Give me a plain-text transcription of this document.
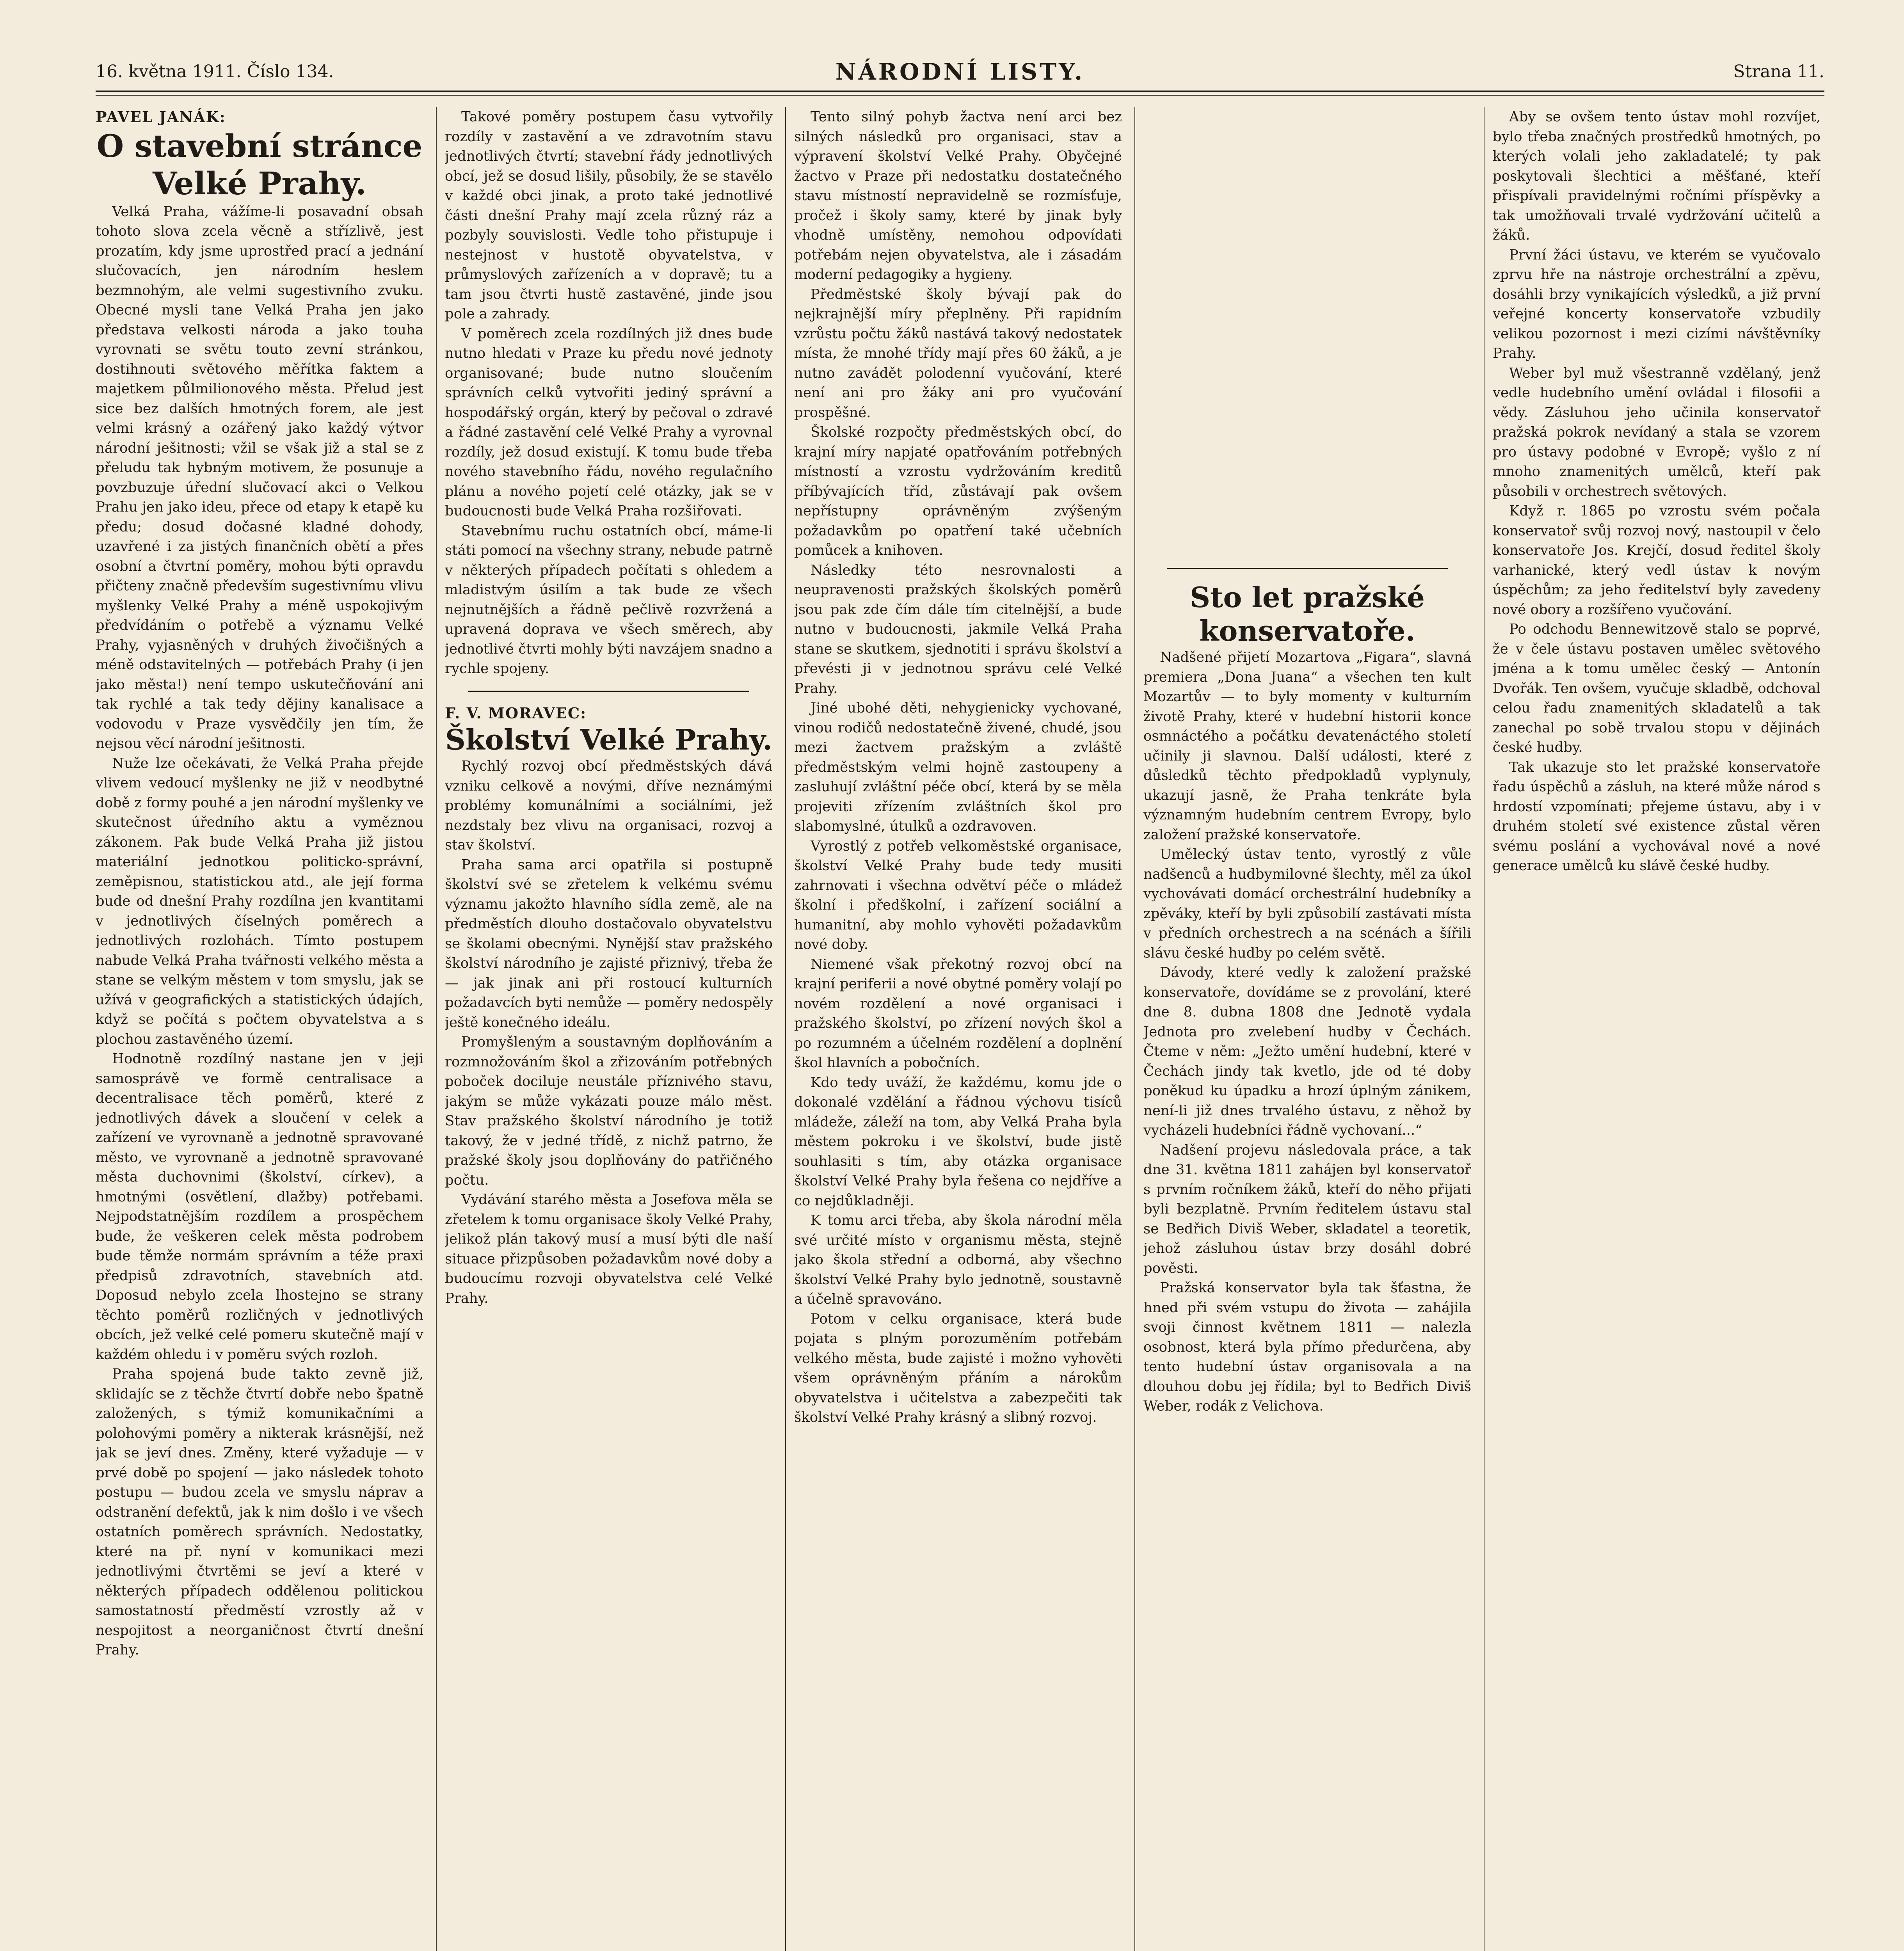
16. května 1911. Číslo 134.	NÁRODNÍ LISTY.	Strana 11.

PAVEL JANÁK:

O stavební stránce Velké Prahy.

Velká Praha, vážíme-li posavadní obsah tohoto slova zcela věcně a střízlivě, jest prozatím, kdy jsme uprostřed prací a jednání slučovacích, jen národním heslem bezmnohým, ale velmi sugestivního zvuku. Obecné mysli tane Velká Praha jen jako představa velkosti národa a jako touha vyrovnati se světu touto zevní stránkou, dostihnouti světového měřítka faktem a majetkem půlmilionového města. Přelud jest sice bez dalších hmotných forem, ale jest velmi krásný a ozářený jako každý výtvor národní ješitnosti; vžil se však již a stal se z přeludu tak hybným motivem, že posunuje a povzbuzuje úřední slučovací akci o Velkou Prahu jen jako ideu, přece od etapy k etapě ku předu; dosud dočasné kladné dohody, uzavřené i za jistých finančních obětí a přes osobní a čtvrtní poměry, mohou býti opravdu přičteny značně především sugestivnímu vlivu myšlenky Velké Prahy a méně uspokojivým předvídáním o potřebě a významu Velké Prahy, vyjasněných v druhých živočišných a méně odstavitelných — potřebách Prahy (i jen jako města!) není tempo uskutečňování ani tak rychlé a tak tedy dějiny kanalisace a vodovodu v Praze vysvědčily jen tím, že nejsou věcí národní ješitnosti.

Nuže lze očekávati, že Velká Praha přejde vlivem vedoucí myšlenky ne již v neodbytné době z formy pouhé a jen národní myšlenky ve skutečnost úředního aktu a vyměznou zákonem. Pak bude Velká Praha již jistou materiální jednotkou politicko-správní, zeměpisnou, statistickou atd., ale její forma bude od dnešní Prahy rozdílna jen kvantitami v jednotlivých číselných poměrech a jednotlivých rozlohách. Tímto postupem nabude Velká Praha tvářnosti velkého města a stane se velkým městem v tom smyslu, jak se užívá v geografických a statistických údajích, když se počítá s počtem obyvatelstva a s plochou zastavěného území.

Hodnotně rozdílný nastane jen v jeji samosprávě ve formě centralisace a decentralisace těch poměrů, které z jednotlivých dávek a sloučení v celek a zařízení ve vyrovnaně a jednotně spravované město, ve vyrovnaně a jednotně spravované města duchovnimi (školství, církev), a hmotnými (osvětlení, dlažby) potřebami. Nejpodstatnějším rozdílem a prospěchem bude, že veškeren celek města podrobem bude těmže normám správním a téže praxi předpisů zdravotních, stavebních atd. Doposud nebylo zcela lhostejno se strany těchto poměrů rozličných v jednotlivých obcích, jež velké celé pomeru skutečně mají v každém ohledu i v poměru svých rozloh.

Praha spojená bude takto zevně již, sklidajíc se z těchže čtvrtí dobře nebo špatně založených, s týmiž komunikačními a polohovými poměry a nikterak krásnější, než jak se jeví dnes. Změny, které vyžaduje — v prvé době po spojení — jako následek tohoto postupu — budou zcela ve smyslu náprav a odstranění defektů, jak k nim došlo i ve všech ostatních poměrech správních. Nedostatky, které na př. nyní v komunikaci mezi jednotlivými čtvrtěmi se jeví a které v některých případech oddělenou politickou samostatností předměstí vzrostly až v nespojitost a neorganičnost čtvrtí dnešní Prahy.

Takové poměry postupem času vytvořily rozdíly v zastavění a ve zdravotním stavu jednotlivých čtvrtí; stavební řády jednotlivých obcí, jež se dosud lišily, působily, že se stavělo v každé obci jinak, a proto také jednotlivé části dnešní Prahy mají zcela různý ráz a pozbyly souvislosti. Vedle toho přistupuje i nestejnost v hustotě obyvatelstva, v průmyslových zařízeních a v dopravě; tu a tam jsou čtvrti hustě zastavěné, jinde jsou pole a zahrady.

V poměrech zcela rozdílných již dnes bude nutno hledati v Praze ku předu nové jednoty organisované; bude nutno sloučením správních celků vytvořiti jediný správní a hospodářský orgán, který by pečoval o zdravé a řádné zastavění celé Velké Prahy a vyrovnal rozdíly, jež dosud existují. K tomu bude třeba nového stavebního řádu, nového regulačního plánu a nového pojetí celé otázky, jak se v budoucnosti bude Velká Praha rozšiřovati.

Stavebnímu ruchu ostatních obcí, máme-li státi pomocí na všechny strany, nebude patrně v některých případech počítati s ohledem a mladistvým úsilím a tak bude ze všech nejnutnějších a řádně pečlivě rozvržená a upravená doprava ve všech směrech, aby jednotlivé čtvrti mohly býti navzájem snadno a rychle spojeny.

F. V. MORAVEC:

Školství Velké Prahy.

Rychlý rozvoj obcí předměstských dává vzniku celkově a novými, dříve neznámými problémy komunálními a sociálními, jež nezdstaly bez vlivu na organisaci, rozvoj a stav školství.

Praha sama arci opatřila si postupně školství své se zřetelem k velkému svému významu jakožto hlavního sídla země, ale na předměstích dlouho dostačovalo obyvatelstvu se školami obecnými. Nynější stav pražského školství národního je zajisté přiznivý, třeba že — jak jinak ani při rostoucí kulturních požadavcích byti nemůže — poměry nedospěly ještě konečného ideálu.

Promyšleným a soustavným doplňováním a rozmnožováním škol a zřizováním potřebných poboček dociluje neustále příznivého stavu, jakým se může vykázati pouze málo měst. Stav pražského školství národního je totiž takový, že v jedné třídě, z nichž patrno, že pražské školy jsou doplňovány do patřičného počtu.

Vydávání starého města a Josefova měla se zřetelem k tomu organisace školy Velké Prahy, jelikož plán takový musí a musí býti dle naší situace přizpůsoben požadavkům nové doby a budoucímu rozvoji obyvatelstva celé Velké Prahy.

Tento silný pohyb žactva není arci bez silných následků pro organisaci, stav a výpravení školství Velké Prahy. Obyčejné žactvo v Praze při nedostatku dostatečného stavu místností nepravidelně se rozmísťuje, pročež i školy samy, které by jinak byly vhodně umístěny, nemohou odpovídati potřebám nejen obyvatelstva, ale i zásadám moderní pedagogiky a hygieny.

Předměstské školy bývají pak do nejkrajnější míry přeplněny. Při rapidním vzrůstu počtu žáků nastává takový nedostatek místa, že mnohé třídy mají přes 60 žáků, a je nutno zavádět polodenní vyučování, které není ani pro žáky ani pro vyučování prospěšné.

Školské rozpočty předměstských obcí, do krajní míry napjaté opatřováním potřebných místností a vzrostu vydržováním kreditů příbývajících tříd, zůstávají pak ovšem nepřístupny oprávněným zvýšeným požadavkům po opatření také učebních pomůcek a knihoven.

Následky této nesrovnalosti a neupravenosti pražských školských poměrů jsou pak zde čím dále tím citelnější, a bude nutno v budoucnosti, jakmile Velká Praha stane se skutkem, sjednotiti i správu školství a převésti ji v jednotnou správu celé Velké Prahy.

Jiné ubohé děti, nehygienicky vychované, vinou rodičů nedostatečně živené, chudé, jsou mezi žactvem pražským a zvláště předměstským velmi hojně zastoupeny a zasluhují zvláštní péče obcí, která by se měla projeviti zřízením zvláštních škol pro slabomyslné, útulků a ozdravoven.

Vyrostlý z potřeb velkoměstské organisace, školství Velké Prahy bude tedy musiti zahrnovati i všechna odvětví péče o mládež školní i předškolní, i zařízení sociální a humanitní, aby mohlo vyhověti požadavkům nové doby.

Niemené však překotný rozvoj obcí na krajní periferii a nové obytné poměry volají po novém rozdělení a nové organisaci i pražského školství, po zřízení nových škol a po rozumném a účelném rozdělení a doplnění škol hlavních a pobočních.

Kdo tedy uváží, že každému, komu jde o dokonalé vzdělání a řádnou výchovu tisíců mládeže, záleží na tom, aby Velká Praha byla městem pokroku i ve školství, bude jistě souhlasiti s tím, aby otázka organisace školství Velké Prahy byla řešena co nejdříve a co nejdůkladněji.

K tomu arci třeba, aby škola národní měla své určité místo v organismu města, stejně jako škola střední a odborná, aby všechno školství Velké Prahy bylo jednotně, soustavně a účelně spravováno.

Potom v celku organisace, která bude pojata s plným porozuměním potřebám velkého města, bude zajisté i možno vyhověti všem oprávněným přáním a nárokům obyvatelstva i učitelstva a zabezpečiti tak školství Velké Prahy krásný a slibný rozvoj.

Sto let pražské konservatoře.

Nadšené přijetí Mozartova „Figara“, slavná premiera „Dona Juana“ a všechen ten kult Mozartův — to byly momenty v kulturním životě Prahy, které v hudební historii konce osmnáctého a počátku devatenáctého století učinily ji slavnou. Další události, které z důsledků těchto předpokladů vyplynuly, ukazují jasně, že Praha tenkráte byla významným hudebním centrem Evropy, bylo založení pražské konservatoře.

Umělecký ústav tento, vyrostlý z vůle nadšenců a hudbymilovné šlechty, měl za úkol vychovávati domácí orchestrální hudebníky a zpěváky, kteří by byli způsobilí zastávati místa v předních orchestrech a na scénách a šířili slávu české hudby po celém světě.

Dávody, které vedly k založení pražské konservatoře, dovídáme se z provolání, které dne 8. dubna 1808 dne Jednotě vydala Jednota pro zvelebení hudby v Čechách. Čteme v něm: „Ježto umění hudební, které v Čechách jindy tak kvetlo, jde od té doby poněkud ku úpadku a hrozí úplným zánikem, není-li již dnes trvalého ústavu, z něhož by vycházeli hudebníci řádně vychovaní...“

Nadšení projevu následovala práce, a tak dne 31. května 1811 zahájen byl konservatoř s prvním ročníkem žáků, kteří do něho přijati byli bezplatně. Prvním ředitelem ústavu stal se Bedřich Diviš Weber, skladatel a teoretik, jehož zásluhou ústav brzy dosáhl dobré pověsti.

Pražská konservator byla tak šťastna, že hned při svém vstupu do života — zahájila svoji činnost květnem 1811 — nalezla osobnost, která byla přímo předurčena, aby tento hudební ústav organisovala a na dlouhou dobu jej řídila; byl to Bedřich Diviš Weber, rodák z Velichova.

Aby se ovšem tento ústav mohl rozvíjet, bylo třeba značných prostředků hmotných, po kterých volali jeho zakladatelé; ty pak poskytovali šlechtici a měšťané, kteří přispívali pravidelnými ročními příspěvky a tak umožňovali trvalé vydržování učitelů a žáků.

První žáci ústavu, ve kterém se vyučovalo zprvu hře na nástroje orchestrální a zpěvu, dosáhli brzy vynikajících výsledků, a již první veřejné koncerty konservatoře vzbudily velikou pozornost i mezi cizími návštěvníky Prahy.

Weber byl muž všestranně vzdělaný, jenž vedle hudebního umění ovládal i filosofii a vědy. Zásluhou jeho učinila konservatoř pražská pokrok nevídaný a stala se vzorem pro ústavy podobné v Evropě; vyšlo z ní mnoho znamenitých umělců, kteří pak působili v orchestrech světových.

Když r. 1865 po vzrostu svém počala konservatoř svůj rozvoj nový, nastoupil v čelo konservatoře Jos. Krejčí, dosud ředitel školy varhanické, který vedl ústav k novým úspěchům; za jeho ředitelství byly zavedeny nové obory a rozšířeno vyučování.

Po odchodu Bennewitzově stalo se poprvé, že v čele ústavu postaven umělec světového jména a k tomu umělec český — Antonín Dvořák. Ten ovšem, vyučuje skladbě, odchoval celou řadu znamenitých skladatelů a tak zanechal po sobě trvalou stopu v dějinách české hudby.

Tak ukazuje sto let pražské konservatoře řadu úspěchů a zásluh, na které může národ s hrdostí vzpomínati; přejeme ústavu, aby i v druhém století své existence zůstal věren svému poslání a vychovával nové a nové generace umělců ku slávě české hudby.
